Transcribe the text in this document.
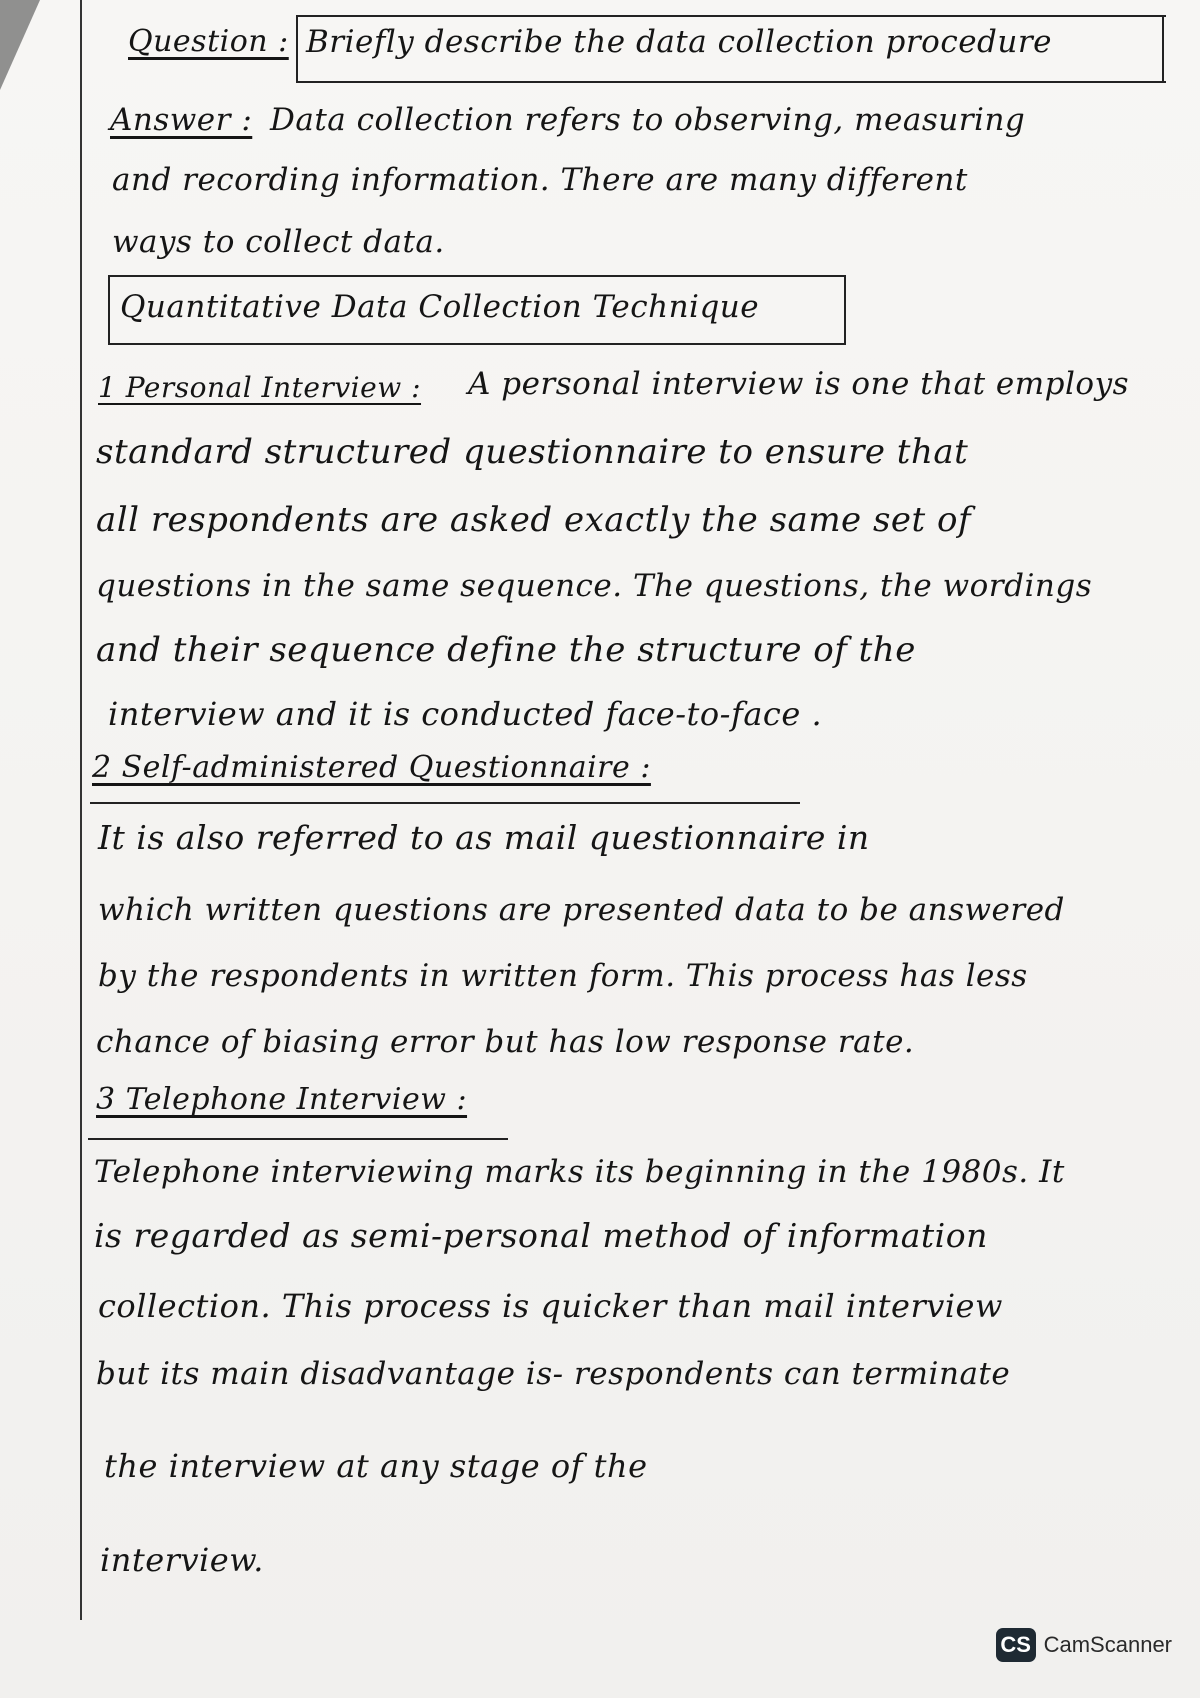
Question : Briefly describe the data collection procedure
Answer : Data collection refers to observing, measuring
and recording information. There are many different
ways to collect data.
Quantitative Data Collection Technique
1 Personal Interview : A personal interview is one that employs
standard structured questionnaire to ensure that
all respondents are asked exactly the same set of
questions in the same sequence. The questions, the wordings
and their sequence define the structure of the
interview and it is conducted face-to-face .
2 Self-administered Questionnaire :
It is also referred to as mail questionnaire in
which written questions are presented data to be answered
by the respondents in written form. This process has less
chance of biasing error but has low response rate.
3 Telephone Interview :
Telephone interviewing marks its beginning in the 1980s. It
is regarded as semi-personal method of information
collection. This process is quicker than mail interview
but its main disadvantage is- respondents can terminate
the interview at any stage of the
interview.
CS CamScanner
